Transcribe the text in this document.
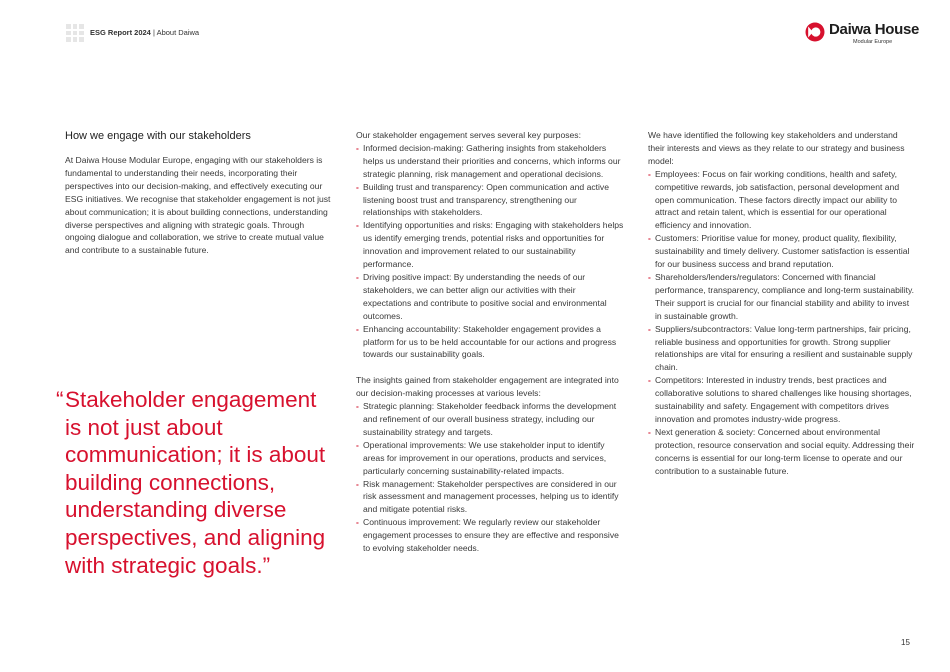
ESG Report 2024 | About Daiwa	Daiwa House
Modular Europe

How we engage with our stakeholders

At Daiwa House Modular Europe, engaging with our stakeholders is fundamental to understanding their needs, incorporating their perspectives into our decision-making, and effectively executing our ESG initiatives. We recognise that stakeholder engagement is not just about communication; it is about building connections, understanding diverse perspectives and aligning with strategic goals. Through ongoing dialogue and collaboration, we strive to create mutual value and contribute to a sustainable future.

“ Stakeholder engagement
is not just about
communication; it is about
building connections,
understanding diverse
perspectives, and aligning
with strategic goals.”

Our stakeholder engagement serves several key purposes:

- Informed decision-making: Gathering insights from stakeholders helps us understand their priorities and concerns, which informs our strategic planning, risk management and operational decisions.
- Building trust and transparency: Open communication and active listening boost trust and transparency, strengthening our relationships with stakeholders.
- Identifying opportunities and risks: Engaging with stakeholders helps us identify emerging trends, potential risks and opportunities for innovation and improvement related to our sustainability performance.
- Driving positive impact: By understanding the needs of our stakeholders, we can better align our activities with their expectations and contribute to positive social and environmental outcomes.
- Enhancing accountability: Stakeholder engagement provides a platform for us to be held accountable for our actions and progress towards our sustainability goals.

The insights gained from stakeholder engagement are integrated into our decision-making processes at various levels:

- Strategic planning: Stakeholder feedback informs the development and refinement of our overall business strategy, including our sustainability strategy and targets.
- Operational improvements: We use stakeholder input to identify areas for improvement in our operations, products and services, particularly concerning sustainability-related impacts.
- Risk management: Stakeholder perspectives are considered in our risk assessment and management processes, helping us to identify and mitigate potential risks.
- Continuous improvement: We regularly review our stakeholder engagement processes to ensure they are effective and responsive to evolving stakeholder needs.

We have identified the following key stakeholders and understand their interests and views as they relate to our strategy and business model:

- Employees: Focus on fair working conditions, health and safety, competitive rewards, job satisfaction, personal development and open communication. These factors directly impact our ability to attract and retain talent, which is essential for our operational efficiency and innovation.
- Customers: Prioritise value for money, product quality, flexibility, sustainability and timely delivery. Customer satisfaction is essential for our business success and brand reputation.
- Shareholders/lenders/regulators: Concerned with financial performance, transparency, compliance and long-term sustainability. Their support is crucial for our financial stability and ability to invest in sustainable growth.
- Suppliers/subcontractors: Value long-term partnerships, fair pricing, reliable business and opportunities for growth. Strong supplier relationships are vital for ensuring a resilient and sustainable supply chain.
- Competitors: Interested in industry trends, best practices and collaborative solutions to shared challenges like housing shortages, sustainability and safety. Engagement with competitors drives innovation and promotes industry-wide progress.
- Next generation & society: Concerned about environmental protection, resource conservation and social equity. Addressing their concerns is essential for our long-term license to operate and our contribution to a sustainable future.
15
